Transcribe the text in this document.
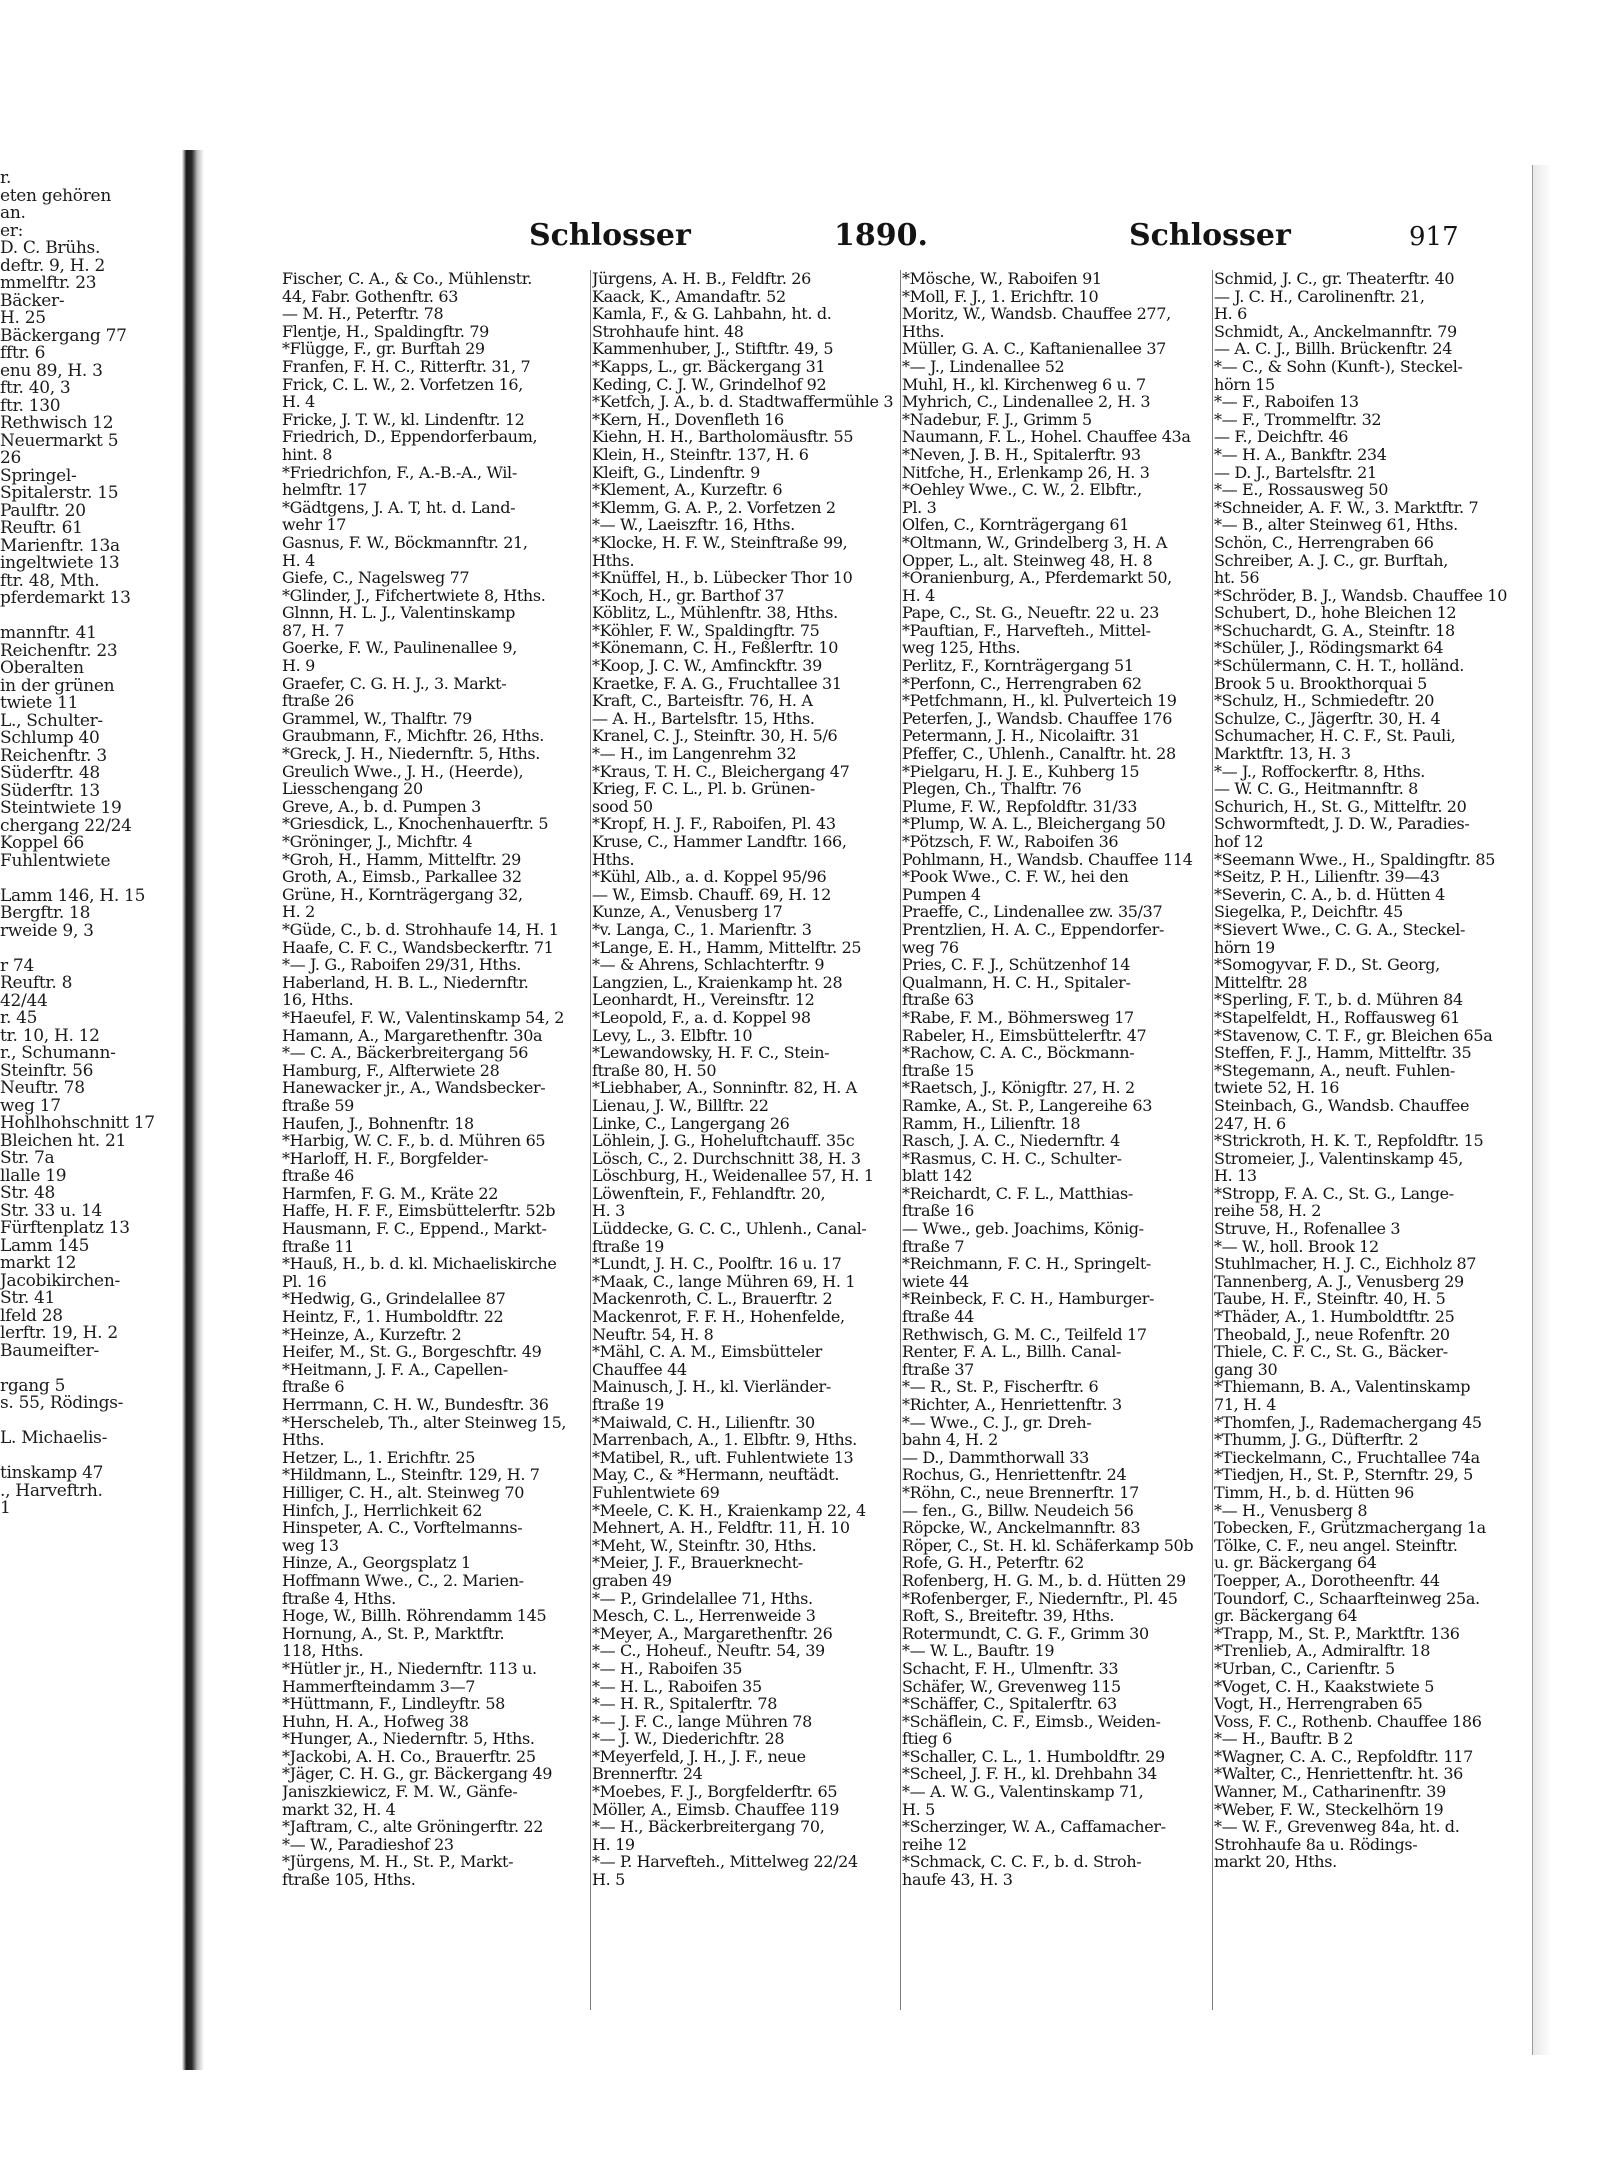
r.
eten gehören
an.
er:
D. C. Brühs.
deftr. 9, H. 2
mmelftr. 23
Bäcker-
H. 25
Bäckergang 77
fftr. 6
enu 89, H. 3
ftr. 40, 3
ftr. 130
Rethwisch 12
Neuermarkt 5
26
Springel-
Spitalerstr. 15
Paulftr. 20
Reuftr. 61
Marienftr. 13a
ingeltwiete 13
ftr. 48, Mth.
pferdemarkt 13

mannftr. 41
Reichenftr. 23
Oberalten
in der grünen
twiete 11
L., Schulter-
Schlump 40
Reichenftr. 3
Süderftr. 48
Süderftr. 13
Steintwiete 19
chergang 22/24
Koppel 66
Fuhlentwiete

Lamm 146, H. 15
Bergftr. 18
rweide 9, 3

r 74
Reuftr. 8
42/44
r. 45
tr. 10, H. 12
r., Schumann-
Steinftr. 56
Neuftr. 78
weg 17
Hohlhohschnitt 17
Bleichen ht. 21
Str. 7a
llalle 19
Str. 48
Str. 33 u. 14
Fürftenplatz 13
Lamm 145
markt 12
Jacobikirchen-
Str. 41
lfeld 28
lerftr. 19, H. 2
Baumeifter-

rgang 5
s. 55, Rödings-

L. Michaelis-

tinskamp 47
., Harveftrh.
1
Schlosser	1890.	Schlosser	917
Fischer, C. A., & Co., Mühlenstr.
44, Fabr. Gothenftr. 63
— M. H., Peterftr. 78
Flentje, H., Spaldingftr. 79
*Flügge, F., gr. Burftah 29
Franfen, F. H. C., Ritterftr. 31, 7
Frick, C. L. W., 2. Vorfetzen 16,
H. 4
Fricke, J. T. W., kl. Lindenftr. 12
Friedrich, D., Eppendorferbaum,
hint. 8
*Friedrichfon, F., A.-B.-A., Wil-
helmftr. 17
*Gädtgens, J. A. T, ht. d. Land-
wehr 17
Gasnus, F. W., Böckmannftr. 21,
H. 4
Giefe, C., Nagelsweg 77
*Glinder, J., Fifchertwiete 8, Hths.
Glnnn, H. L. J., Valentinskamp
87, H. 7
Goerke, F. W., Paulinenallee 9,
H. 9
Graefer, C. G. H. J., 3. Markt-
ftraße 26
Grammel, W., Thalftr. 79
Graubmann, F., Michftr. 26, Hths.
*Greck, J. H., Niedernftr. 5, Hths.
Greulich Wwe., J. H., (Heerde),
Liesschengang 20
Greve, A., b. d. Pumpen 3
*Griesdick, L., Knochenhauerftr. 5
*Gröninger, J., Michftr. 4
*Groh, H., Hamm, Mittelftr. 29
Groth, A., Eimsb., Parkallee 32
Grüne, H., Kornträgergang 32,
H. 2
*Güde, C., b. d. Strohhaufe 14, H. 1
Haafe, C. F. C., Wandsbeckerftr. 71
*— J. G., Raboifen 29/31, Hths.
Haberland, H. B. L., Niedernftr.
16, Hths.
*Haeufel, F. W., Valentinskamp 54, 2
Hamann, A., Margarethenftr. 30a
*— C. A., Bäckerbreitergang 56
Hamburg, F., Alfterwiete 28
Hanewacker jr., A., Wandsbecker-
ftraße 59
Haufen, J., Bohnenftr. 18
*Harbig, W. C. F., b. d. Mühren 65
*Harloff, H. F., Borgfelder-
ftraße 46
Harmfen, F. G. M., Kräte 22
Haffe, H. F. F., Eimsbüttelerftr. 52b
Hausmann, F. C., Eppend., Markt-
ftraße 11
*Hauß, H., b. d. kl. Michaeliskirche
Pl. 16
*Hedwig, G., Grindelallee 87
Heintz, F., 1. Humboldftr. 22
*Heinze, A., Kurzeftr. 2
Heifer, M., St. G., Borgeschftr. 49
*Heitmann, J. F. A., Capellen-
ftraße 6
Herrmann, C. H. W., Bundesftr. 36
*Herscheleb, Th., alter Steinweg 15,
Hths.
Hetzer, L., 1. Erichftr. 25
*Hildmann, L., Steinftr. 129, H. 7
Hilliger, C. H., alt. Steinweg 70
Hinfch, J., Herrlichkeit 62
Hinspeter, A. C., Vorftelmanns-
weg 13
Hinze, A., Georgsplatz 1
Hoffmann Wwe., C., 2. Marien-
ftraße 4, Hths.
Hoge, W., Billh. Röhrendamm 145
Hornung, A., St. P., Marktftr.
118, Hths.
*Hütler jr., H., Niedernftr. 113 u.
Hammerfteindamm 3—7
*Hüttmann, F., Lindleyftr. 58
Huhn, H. A., Hofweg 38
*Hunger, A., Niedernftr. 5, Hths.
*Jackobi, A. H. Co., Brauerftr. 25
*Jäger, C. H. G., gr. Bäckergang 49
Janiszkiewicz, F. M. W., Gänfe-
markt 32, H. 4
*Jaftram, C., alte Gröningerftr. 22
*— W., Paradieshof 23
*Jürgens, M. H., St. P., Markt-
ftraße 105, Hths.
Jürgens, A. H. B., Feldftr. 26
Kaack, K., Amandaftr. 52
Kamla, F., & G. Lahbahn, ht. d.
Strohhaufe hint. 48
Kammenhuber, J., Stiftftr. 49, 5
*Kapps, L., gr. Bäckergang 31
Keding, C. J. W., Grindelhof 92
*Ketfch, J. A., b. d. Stadtwaffermühle 3
*Kern, H., Dovenfleth 16
Kiehn, H. H., Bartholomäusftr. 55
Klein, H., Steinftr. 137, H. 6
Kleift, G., Lindenftr. 9
*Klement, A., Kurzeftr. 6
*Klemm, G. A. P., 2. Vorfetzen 2
*— W., Laeiszftr. 16, Hths.
*Klocke, H. F. W., Steinftraße 99,
Hths.
*Knüffel, H., b. Lübecker Thor 10
*Koch, H., gr. Barthof 37
Köblitz, L., Mühlenftr. 38, Hths.
*Köhler, F. W., Spaldingftr. 75
*Könemann, C. H., Feßlerftr. 10
*Koop, J. C. W., Amfinckftr. 39
Kraetke, F. A. G., Fruchtallee 31
Kraft, C., Barteisftr. 76, H. A
— A. H., Bartelsftr. 15, Hths.
Kranel, C. J., Steinftr. 30, H. 5/6
*— H., im Langenrehm 32
*Kraus, T. H. C., Bleichergang 47
Krieg, F. C. L., Pl. b. Grünen-
sood 50
*Kropf, H. J. F., Raboifen, Pl. 43
Kruse, C., Hammer Landftr. 166,
Hths.
*Kühl, Alb., a. d. Koppel 95/96
— W., Eimsb. Chauff. 69, H. 12
Kunze, A., Venusberg 17
*v. Langa, C., 1. Marienftr. 3
*Lange, E. H., Hamm, Mittelftr. 25
*— & Ahrens, Schlachterftr. 9
Langzien, L., Kraienkamp ht. 28
Leonhardt, H., Vereinsftr. 12
*Leopold, F., a. d. Koppel 98
Levy, L., 3. Elbftr. 10
*Lewandowsky, H. F. C., Stein-
ftraße 80, H. 50
*Liebhaber, A., Sonninftr. 82, H. A
Lienau, J. W., Billftr. 22
Linke, C., Langergang 26
Löhlein, J. G., Hoheluftchauff. 35c
Lösch, C., 2. Durchschnitt 38, H. 3
Löschburg, H., Weidenallee 57, H. 1
Löwenftein, F., Fehlandftr. 20,
H. 3
Lüddecke, G. C. C., Uhlenh., Canal-
ftraße 19
*Lundt, J. H. C., Poolftr. 16 u. 17
*Maak, C., lange Mühren 69, H. 1
Mackenroth, C. L., Brauerftr. 2
Mackenrot, F. F. H., Hohenfelde,
Neuftr. 54, H. 8
*Mähl, C. A. M., Eimsbütteler
Chauffee 44
Mainusch, J. H., kl. Vierländer-
ftraße 19
*Maiwald, C. H., Lilienftr. 30
Marrenbach, A., 1. Elbftr. 9, Hths.
*Matibel, R., uft. Fuhlentwiete 13
May, C., & *Hermann, neuftädt.
Fuhlentwiete 69
*Meele, C. K. H., Kraienkamp 22, 4
Mehnert, A. H., Feldftr. 11, H. 10
*Meht, W., Steinftr. 30, Hths.
*Meier, J. F., Brauerknecht-
graben 49
*— P., Grindelallee 71, Hths.
Mesch, C. L., Herrenweide 3
*Meyer, A., Margarethenftr. 26
*— C., Hoheuf., Neuftr. 54, 39
*— H., Raboifen 35
*— H. L., Raboifen 35
*— H. R., Spitalerftr. 78
*— J. F. C., lange Mühren 78
*— J. W., Diederichftr. 28
*Meyerfeld, J. H., J. F., neue
Brennerftr. 24
*Moebes, F. J., Borgfelderftr. 65
Möller, A., Eimsb. Chauffee 119
*— H., Bäckerbreitergang 70,
H. 19
*— P. Harvefteh., Mittelweg 22/24
H. 5
*Mösche, W., Raboifen 91
*Moll, F. J., 1. Erichftr. 10
Moritz, W., Wandsb. Chauffee 277,
Hths.
Müller, G. A. C., Kaftanienallee 37
*— J., Lindenallee 52
Muhl, H., kl. Kirchenweg 6 u. 7
Myhrich, C., Lindenallee 2, H. 3
*Nadebur, F. J., Grimm 5
Naumann, F. L., Hohel. Chauffee 43a
*Neven, J. B. H., Spitalerftr. 93
Nitfche, H., Erlenkamp 26, H. 3
*Oehley Wwe., C. W., 2. Elbftr.,
Pl. 3
Olfen, C., Kornträgergang 61
*Oltmann, W., Grindelberg 3, H. A
Opper, L., alt. Steinweg 48, H. 8
*Oranienburg, A., Pferdemarkt 50,
H. 4
Pape, C., St. G., Neueftr. 22 u. 23
*Pauftian, F., Harvefteh., Mittel-
weg 125, Hths.
Perlitz, F., Kornträgergang 51
*Perfonn, C., Herrengraben 62
*Petfchmann, H., kl. Pulverteich 19
Peterfen, J., Wandsb. Chauffee 176
Petermann, J. H., Nicolaiftr. 31
Pfeffer, C., Uhlenh., Canalftr. ht. 28
*Pielgaru, H. J. E., Kuhberg 15
Plegen, Ch., Thalftr. 76
Plume, F. W., Repfoldftr. 31/33
*Plump, W. A. L., Bleichergang 50
*Pötzsch, F. W., Raboifen 36
Pohlmann, H., Wandsb. Chauffee 114
*Pook Wwe., C. F. W., hei den
Pumpen 4
Praeffe, C., Lindenallee zw. 35/37
Prentzlien, H. A. C., Eppendorfer-
weg 76
Pries, C. F. J., Schützenhof 14
Qualmann, H. C. H., Spitaler-
ftraße 63
*Rabe, F. M., Böhmersweg 17
Rabeler, H., Eimsbüttelerftr. 47
*Rachow, C. A. C., Böckmann-
ftraße 15
*Raetsch, J., Königftr. 27, H. 2
Ramke, A., St. P., Langereihe 63
Ramm, H., Lilienftr. 18
Rasch, J. A. C., Niedernftr. 4
*Rasmus, C. H. C., Schulter-
blatt 142
*Reichardt, C. F. L., Matthias-
ftraße 16
— Wwe., geb. Joachims, König-
ftraße 7
*Reichmann, F. C. H., Springelt-
wiete 44
*Reinbeck, F. C. H., Hamburger-
ftraße 44
Rethwisch, G. M. C., Teilfeld 17
Renter, F. A. L., Billh. Canal-
ftraße 37
*— R., St. P., Fischerftr. 6
*Richter, A., Henriettenftr. 3
*— Wwe., C. J., gr. Dreh-
bahn 4, H. 2
— D., Dammthorwall 33
Rochus, G., Henriettenftr. 24
*Röhn, C., neue Brennerftr. 17
— fen., G., Billw. Neudeich 56
Röpcke, W., Anckelmannftr. 83
Röper, C., St. H. kl. Schäferkamp 50b
Rofe, G. H., Peterftr. 62
Rofenberg, H. G. M., b. d. Hütten 29
*Rofenberger, F., Niedernftr., Pl. 45
Roft, S., Breiteftr. 39, Hths.
Rotermundt, C. G. F., Grimm 30
*— W. L., Bauftr. 19
Schacht, F. H., Ulmenftr. 33
Schäfer, W., Grevenweg 115
*Schäffer, C., Spitalerftr. 63
*Schäflein, C. F., Eimsb., Weiden-
ftieg 6
*Schaller, C. L., 1. Humboldftr. 29
*Scheel, J. F. H., kl. Drehbahn 34
*— A. W. G., Valentinskamp 71,
H. 5
*Scherzinger, W. A., Caffamacher-
reihe 12
*Schmack, C. C. F., b. d. Stroh-
haufe 43, H. 3
Schmid, J. C., gr. Theaterftr. 40
— J. C. H., Carolinenftr. 21,
H. 6
Schmidt, A., Anckelmannftr. 79
— A. C. J., Billh. Brückenftr. 24
*— C., & Sohn (Kunft-), Steckel-
hörn 15
*— F., Raboifen 13
*— F., Trommelftr. 32
— F., Deichftr. 46
*— H. A., Bankftr. 234
— D. J., Bartelsftr. 21
*— E., Rossausweg 50
*Schneider, A. F. W., 3. Marktftr. 7
*— B., alter Steinweg 61, Hths.
Schön, C., Herrengraben 66
Schreiber, A. J. C., gr. Burftah,
ht. 56
*Schröder, B. J., Wandsb. Chauffee 10
Schubert, D., hohe Bleichen 12
*Schuchardt, G. A., Steinftr. 18
*Schüler, J., Rödingsmarkt 64
*Schülermann, C. H. T., holländ.
Brook 5 u. Brookthorquai 5
*Schulz, H., Schmiedeftr. 20
Schulze, C., Jägerftr. 30, H. 4
Schumacher, H. C. F., St. Pauli,
Marktftr. 13, H. 3
*— J., Roffockerftr. 8, Hths.
— W. C. G., Heitmannftr. 8
Schurich, H., St. G., Mittelftr. 20
Schwormftedt, J. D. W., Paradies-
hof 12
*Seemann Wwe., H., Spaldingftr. 85
*Seitz, P. H., Lilienftr. 39—43
*Severin, C. A., b. d. Hütten 4
Siegelka, P., Deichftr. 45
*Sievert Wwe., C. G. A., Steckel-
hörn 19
*Somogyvar, F. D., St. Georg,
Mittelftr. 28
*Sperling, F. T., b. d. Mühren 84
*Stapelfeldt, H., Roffausweg 61
*Stavenow, C. T. F., gr. Bleichen 65a
Steffen, F. J., Hamm, Mittelftr. 35
*Stegemann, A., neuft. Fuhlen-
twiete 52, H. 16
Steinbach, G., Wandsb. Chauffee
247, H. 6
*Strickroth, H. K. T., Repfoldftr. 15
Stromeier, J., Valentinskamp 45,
H. 13
*Stropp, F. A. C., St. G., Lange-
reihe 58, H. 2
Struve, H., Rofenallee 3
*— W., holl. Brook 12
Stuhlmacher, H. J. C., Eichholz 87
Tannenberg, A. J., Venusberg 29
Taube, H. F., Steinftr. 40, H. 5
*Thäder, A., 1. Humboldtftr. 25
Theobald, J., neue Rofenftr. 20
Thiele, C. F. C., St. G., Bäcker-
gang 30
*Thiemann, B. A., Valentinskamp
71, H. 4
*Thomfen, J., Rademachergang 45
*Thumm, J. G., Düfterftr. 2
*Tieckelmann, C., Fruchtallee 74a
*Tiedjen, H., St. P., Sternftr. 29, 5
Timm, H., b. d. Hütten 96
*— H., Venusberg 8
Tobecken, F., Grützmachergang 1a
Tölke, C. F., neu angel. Steinftr.
u. gr. Bäckergang 64
Toepper, A., Dorotheenftr. 44
Toundorf, C., Schaarfteinweg 25a.
gr. Bäckergang 64
*Trapp, M., St. P., Marktftr. 136
*Trenlieb, A., Admiralftr. 18
*Urban, C., Carienftr. 5
*Voget, C. H., Kaakstwiete 5
Vogt, H., Herrengraben 65
Voss, F. C., Rothenb. Chauffee 186
*— H., Bauftr. B 2
*Wagner, C. A. C., Repfoldftr. 117
*Walter, C., Henriettenftr. ht. 36
Wanner, M., Catharinenftr. 39
*Weber, F. W., Steckelhörn 19
*— W. F., Grevenweg 84a, ht. d.
Strohhaufe 8a u. Rödings-
markt 20, Hths.
